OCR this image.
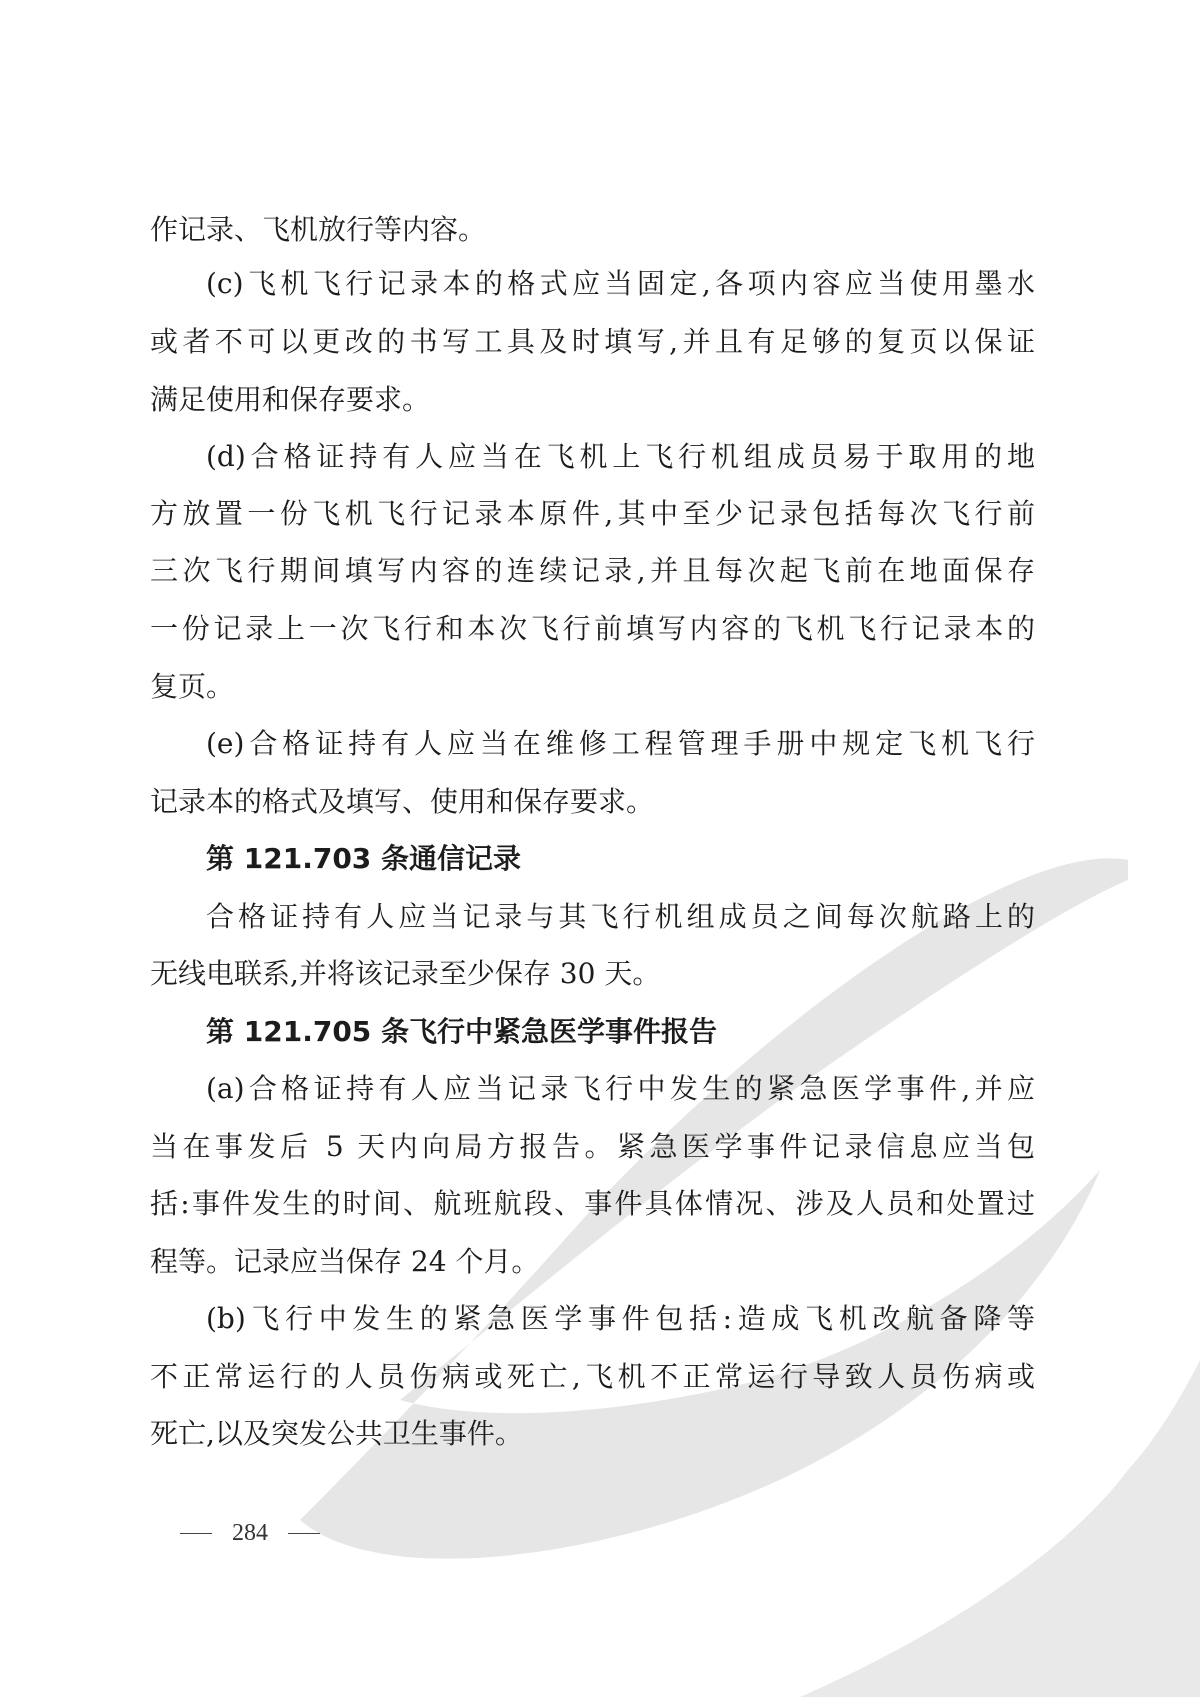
作记录、飞机放行等内容。
(c)飞机飞行记录本的格式应当固定,各项内容应当使用墨水
或者不可以更改的书写工具及时填写,并且有足够的复页以保证
满足使用和保存要求。
(d)合格证持有人应当在飞机上飞行机组成员易于取用的地
方放置一份飞机飞行记录本原件,其中至少记录包括每次飞行前
三次飞行期间填写内容的连续记录,并且每次起飞前在地面保存
一份记录上一次飞行和本次飞行前填写内容的飞机飞行记录本的
复页。
(e)合格证持有人应当在维修工程管理手册中规定飞机飞行
记录本的格式及填写、使用和保存要求。
第 121.703 条通信记录
合格证持有人应当记录与其飞行机组成员之间每次航路上的
无线电联系,并将该记录至少保存 30 天。
第 121.705 条飞行中紧急医学事件报告
(a)合格证持有人应当记录飞行中发生的紧急医学事件,并应
当在事发后 5 天内向局方报告。紧急医学事件记录信息应当包
括:事件发生的时间、航班航段、事件具体情况、涉及人员和处置过
程等。记录应当保存 24 个月。
(b)飞行中发生的紧急医学事件包括:造成飞机改航备降等
不正常运行的人员伤病或死亡,飞机不正常运行导致人员伤病或
死亡,以及突发公共卫生事件。
284
